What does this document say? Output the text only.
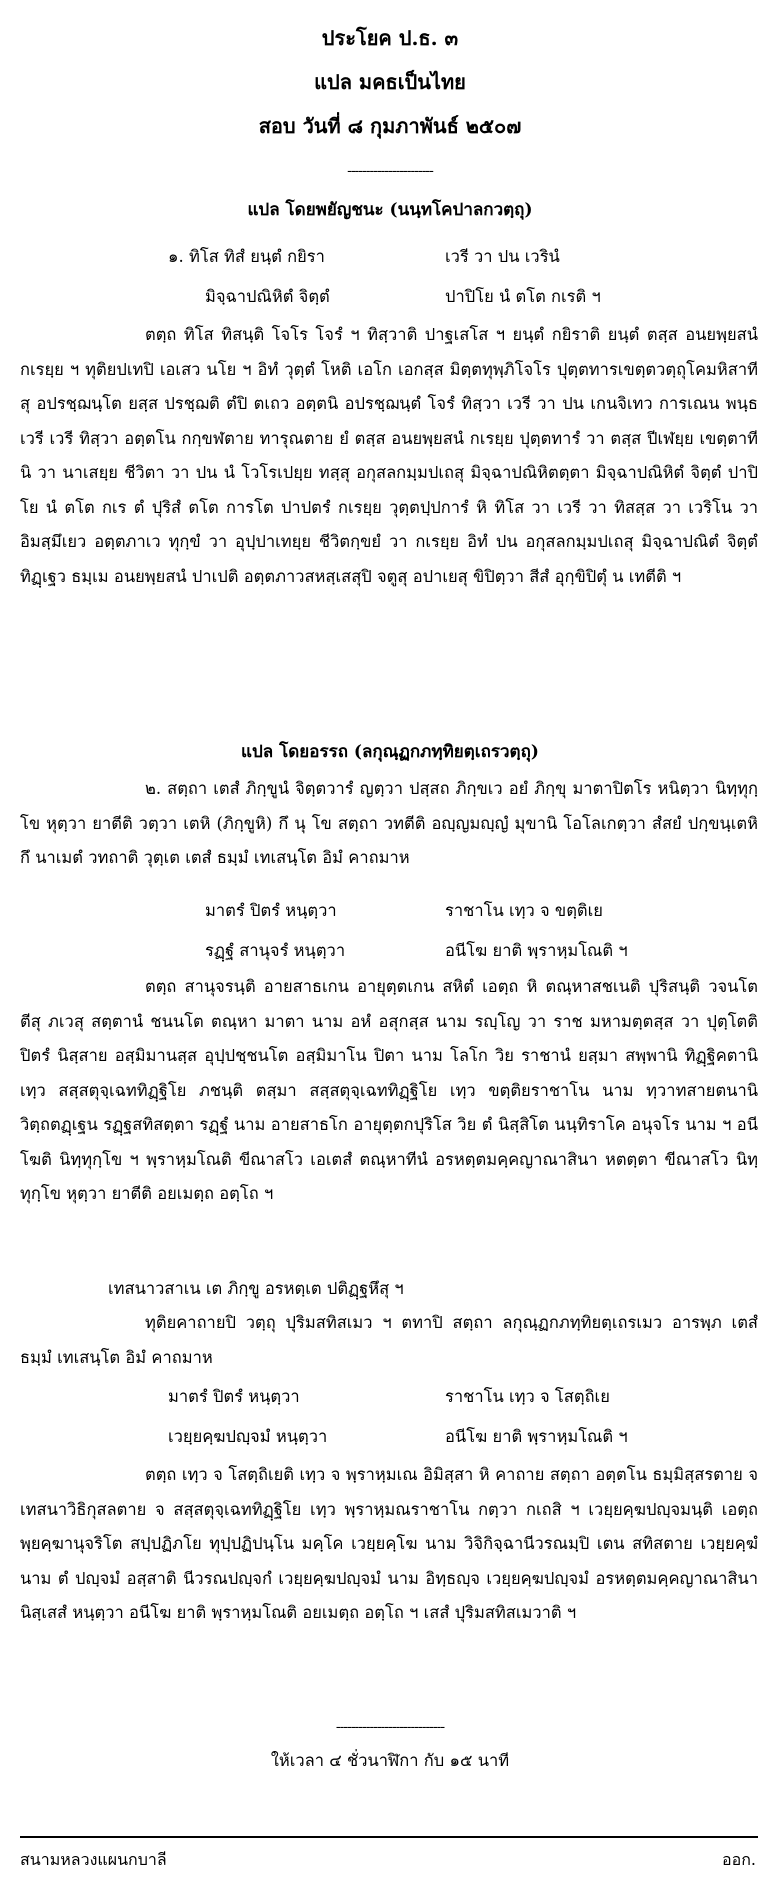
ประโยค ป.ธ. ๓
แปล มคธเป็นไทย
สอบ วันที่ ๘ กุมภาพันธ์ ๒๕๐๗
-----------------------
แปล โดยพยัญชนะ (นนฺทโคปาลกวตฺถุ)
๑. ทิโส ทิสํ ยนฺตํ กยิรา	เวรี วา ปน เวรินํ
มิจฺฉาปณิหิตํ จิตฺตํ	ปาปิโย นํ ตโต กเรติ ฯ

ตตฺถ ทิโส ทิสนฺติ โจโร โจรํ ฯ ทิสฺวาติ ปาฐเสโส ฯ ยนฺตํ กยิราติ ยนฺตํ ตสฺส อนยพฺยสนํ กเรยฺย ฯ ทุติยปเทปิ เอเสว นโย ฯ อิทํ วุตฺตํ โหติ เอโก เอกสฺส มิตฺตทุพฺภิโจโร ปุตฺตทารเขตฺตวตฺถุโคมหิสาทีสุ อปรชฺฌนฺโต ยสฺส ปรชฺฌติ ตํปิ ตเถว อตฺตนิ อปรชฺฌนฺตํ โจรํ ทิสฺวา เวรี วา ปน เกนจิเทว การเณน พนฺธเวรี เวรี ทิสฺวา อตฺตโน กกฺขฬตาย ทารุณตาย ยํ ตสฺส อนยพฺยสนํ กเรยฺย ปุตฺตทารํ วา ตสฺส ปีเฬยฺย เขตฺตาทีนิ วา นาเสยฺย ชีวิตา วา ปน นํ โวโรเปยฺย ทสฺสุ อกุสลกมฺมปเถสุ มิจฺฉาปณิหิตตฺตา มิจฺฉาปณิหิตํ จิตฺตํ ปาปิโย นํ ตโต กเร ตํ ปุริสํ ตโต การโต ปาปตรํ กเรยฺย วุตฺตปฺปการํ หิ ทิโส วา เวรี วา ทิสสฺส วา เวริโน วา อิมสฺมึเยว อตฺตภาเว ทุกฺขํ วา อุปฺปาเทยฺย ชีวิตกฺขยํ วา กเรยฺย อิทํ ปน อกุสลกมฺมปเถสุ มิจฺฉาปณิตํ จิตฺตํ ทิฏฺเฐว ธมฺเม อนยพฺยสนํ ปาเปติ อตฺตภาวสหสฺเสสุปิ จตูสุ อปาเยสุ ขิปิตฺวา สีสํ อุกฺขิปิตุํ น เทตีติ ฯ

แปล โดยอรรถ (ลกุณฺฏกภทฺทิยตฺเถรวตฺถุ)

๒. สตฺถา เตสํ ภิกฺขูนํ จิตฺตวารํ ญตฺวา ปสฺสถ ภิกฺขเว อยํ ภิกฺขุ มาตาปิตโร หนิตฺวา นิทฺทุกฺโข หุตฺวา ยาตีติ วตฺวา เตหิ (ภิกฺขูหิ) กึ นุ โข สตฺถา วทตีติ อญฺญมญฺญํ มุขานิ โอโลเกตฺวา สํสยํ ปกฺขนฺเตหิ กึ นาเมตํ วทถาติ วุตฺเต เตสํ ธมฺมํ เทเสนฺโต อิมํ คาถมาห

มาตรํ ปิตรํ หนฺตฺวา	ราชาโน เทฺว จ ขตฺติเย
รฏฺฐํ สานุจรํ หนฺตฺวา	อนีโฆ ยาติ พฺราหฺมโณติ ฯ

ตตฺถ สานุจรนฺติ อายสาธเกน อายุตฺตเกน สหิตํ เอตฺถ หิ ตณฺหาสชเนติ ปุริสนฺติ วจนโต ตีสุ ภเวสุ สตฺตานํ ชนนโต ตณฺหา มาตา นาม อหํ อสุกสฺส นาม รญฺโญ วา ราช มหามตฺตสฺส วา ปุตฺโตติ ปิตรํ นิสฺสาย อสฺมิมานสฺส อุปฺปชฺชนโต อสฺมิมาโน ปิตา นาม โลโก วิย ราชานํ ยสฺมา สพฺพานิ ทิฏฺฐิคตานิ เทฺว สสฺสตุจฺเฉททิฏฺฐิโย ภชนฺติ ตสฺมา สสฺสตุจฺเฉททิฏฺฐิโย เทฺว ขตฺติยราชาโน นาม ทฺวาทสายตนานิ วิตฺถตฏฺเฐน รฏฺฐสทิสตฺตา รฏฺฐํ นาม อายสาธโก อายุตฺตกปุริโส วิย ตํ นิสฺสิโต นนฺทิราโค อนุจโร นาม ฯ อนีโฆติ นิทฺทุกฺโข ฯ พฺราหฺมโณติ ขีณาสโว เอเตสํ ตณฺหาทีนํ อรหตฺตมคฺคญาณาสินา หตตฺตา ขีณาสโว นิทฺทุกฺโข หุตฺวา ยาตีติ อยเมตฺถ อตฺโถ ฯ

เทสนาวสาเน เต ภิกฺขู อรหตฺเต ปติฏฺฐหึสุ ฯ

ทุติยคาถายปิ วตฺถุ ปุริมสทิสเมว ฯ ตทาปิ สตฺถา ลกุณฺฏกภทฺทิยตฺเถรเมว อารพฺภ เตสํ ธมฺมํ เทเสนฺโต อิมํ คาถมาห

มาตรํ ปิตรํ หนฺตฺวา	ราชาโน เทฺว จ โสตฺถิเย
เวยฺยคฺฆปญฺจมํ หนฺตฺวา	อนีโฆ ยาติ พฺราหฺมโณติ ฯ

ตตฺถ เทฺว จ โสตฺถิเยติ เทฺว จ พฺราหฺมเณ อิมิสฺสา หิ คาถาย สตฺถา อตฺตโน ธมฺมิสฺสรตาย จ เทสนาวิธิกุสลตาย จ สสฺสตุจฺเฉททิฏฺฐิโย เทฺว พฺราหฺมณราชาโน กตฺวา กเถสิ ฯ เวยฺยคฺฆปญฺจมนฺติ เอตฺถ พฺยคฺฆานุจริโต สปฺปฏิภโย ทุปฺปฏิปนฺโน มคฺโค เวยฺยคฺโฆ นาม วิจิกิจฺฉานีวรณมฺปิ เตน สทิสตาย เวยฺยคฺฆํ นาม ตํ ปญฺจมํ อสฺสาติ นีวรณปญฺจกํ เวยฺยคฺฆปญฺจมํ นาม อิทฺธญฺจ เวยฺยคฺฆปญฺจมํ อรหตฺตมคฺคญาณาสินา นิสฺเสสํ หนฺตฺวา อนีโฆ ยาติ พฺราหฺมโณติ อยเมตฺถ อตฺโถ ฯ เสสํ ปุริมสทิสเมวาติ ฯ

-----------------------------
ให้เวลา ๔ ชั่วนาฬิกา กับ ๑๕ นาที
สนามหลวงแผนกบาลี	ออก.
